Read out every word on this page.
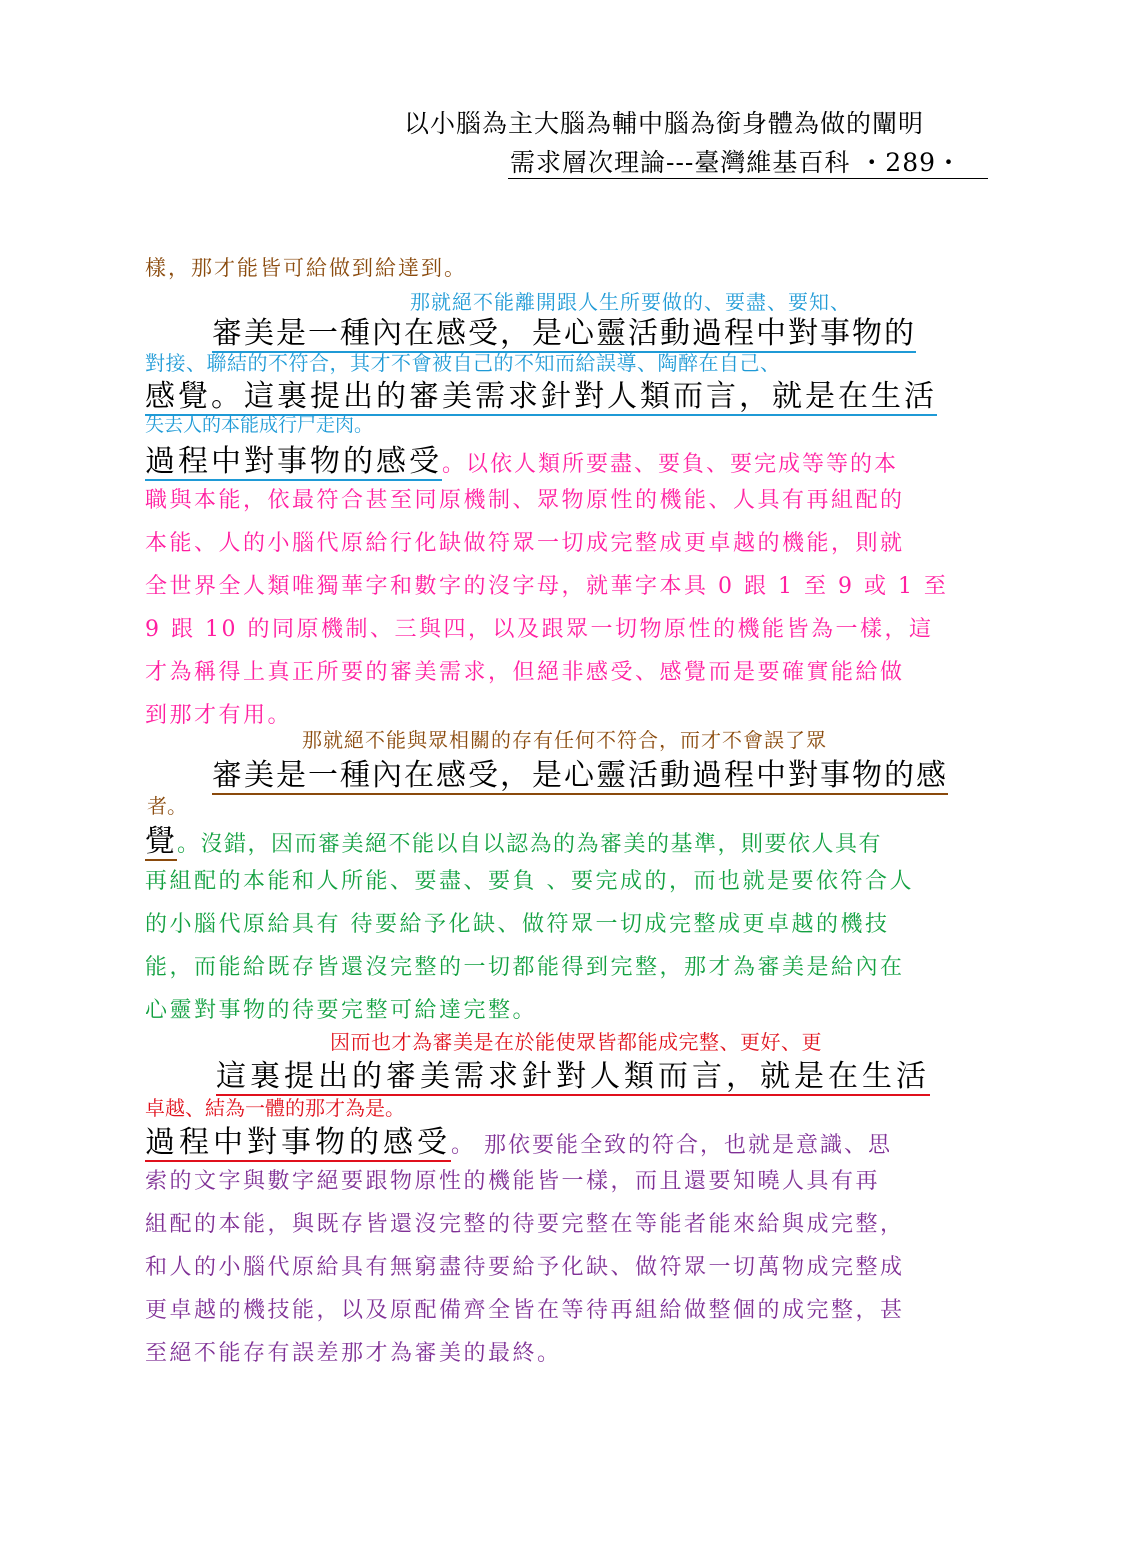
以小腦為主大腦為輔中腦為銜身體為做的闡明
需求層次理論---臺灣維基百科 ・289・
樣，那才能皆可給做到給達到。
那就絕不能離開跟人生所要做的、要盡、要知、
審美是一種內在感受，是心靈活動過程中對事物的
對接、聯結的不符合，其才不會被自己的不知而給誤導、陶醉在自己、
感覺。這裏提出的審美需求針對人類而言，就是在生活
失去人的本能成行尸走肉。
過程中對事物的感受。以依人類所要盡、要負、要完成等等的本
職與本能，依最符合甚至同原機制、眾物原性的機能、人具有再組配的
本能、人的小腦代原給行化缺做符眾一切成完整成更卓越的機能，則就
全世界全人類唯獨華字和數字的沒字母，就華字本具 0 跟 1 至 9 或 1 至
9 跟 10 的同原機制、三與四，以及跟眾一切物原性的機能皆為一樣，這
才為稱得上真正所要的審美需求，但絕非感受、感覺而是要確實能給做
到那才有用。
那就絕不能與眾相關的存有任何不符合，而才不會誤了眾
審美是一種內在感受，是心靈活動過程中對事物的感
者。
覺。沒錯，因而審美絕不能以自以認為的為審美的基準，則要依人具有
再組配的本能和人所能、要盡、要負 、要完成的，而也就是要依符合人
的小腦代原給具有 待要給予化缺、做符眾一切成完整成更卓越的機技
能，而能給既存皆還沒完整的一切都能得到完整，那才為審美是給內在
心靈對事物的待要完整可給達完整。
因而也才為審美是在於能使眾皆都能成完整、更好、更
這裏提出的審美需求針對人類而言，就是在生活
卓越、結為一體的那才為是。
過程中對事物的感受。 那依要能全致的符合，也就是意識、思
索的文字與數字絕要跟物原性的機能皆一樣，而且還要知曉人具有再
組配的本能，與既存皆還沒完整的待要完整在等能者能來給與成完整，
和人的小腦代原給具有無窮盡待要給予化缺、做符眾一切萬物成完整成
更卓越的機技能，以及原配備齊全皆在等待再組給做整個的成完整，甚
至絕不能存有誤差那才為審美的最終。
